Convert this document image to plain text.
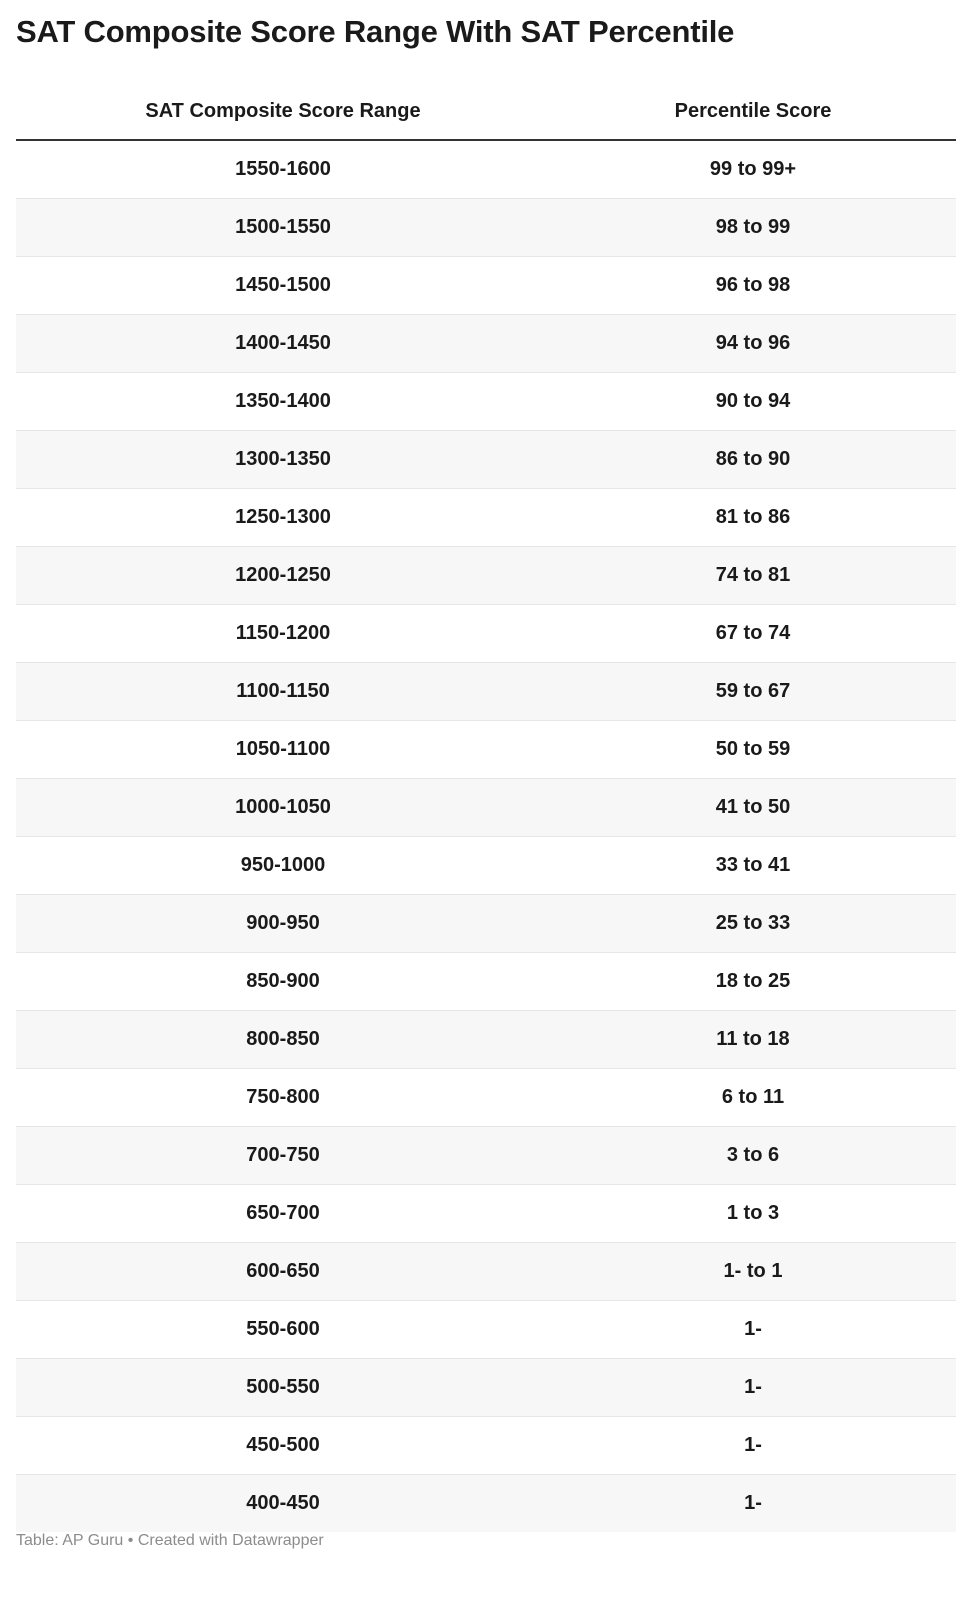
SAT Composite Score Range With SAT Percentile
SAT Composite Score Range	Percentile Score
1550-1600	99 to 99+
1500-1550	98 to 99
1450-1500	96 to 98
1400-1450	94 to 96
1350-1400	90 to 94
1300-1350	86 to 90
1250-1300	81 to 86
1200-1250	74 to 81
1150-1200	67 to 74
1100-1150	59 to 67
1050-1100	50 to 59
1000-1050	41 to 50
950-1000	33 to 41
900-950	25 to 33
850-900	18 to 25
800-850	11 to 18
750-800	6 to 11
700-750	3 to 6
650-700	1 to 3
600-650	1- to 1
550-600	1-
500-550	1-
450-500	1-
400-450	1-
Table: AP Guru • Created with Datawrapper
